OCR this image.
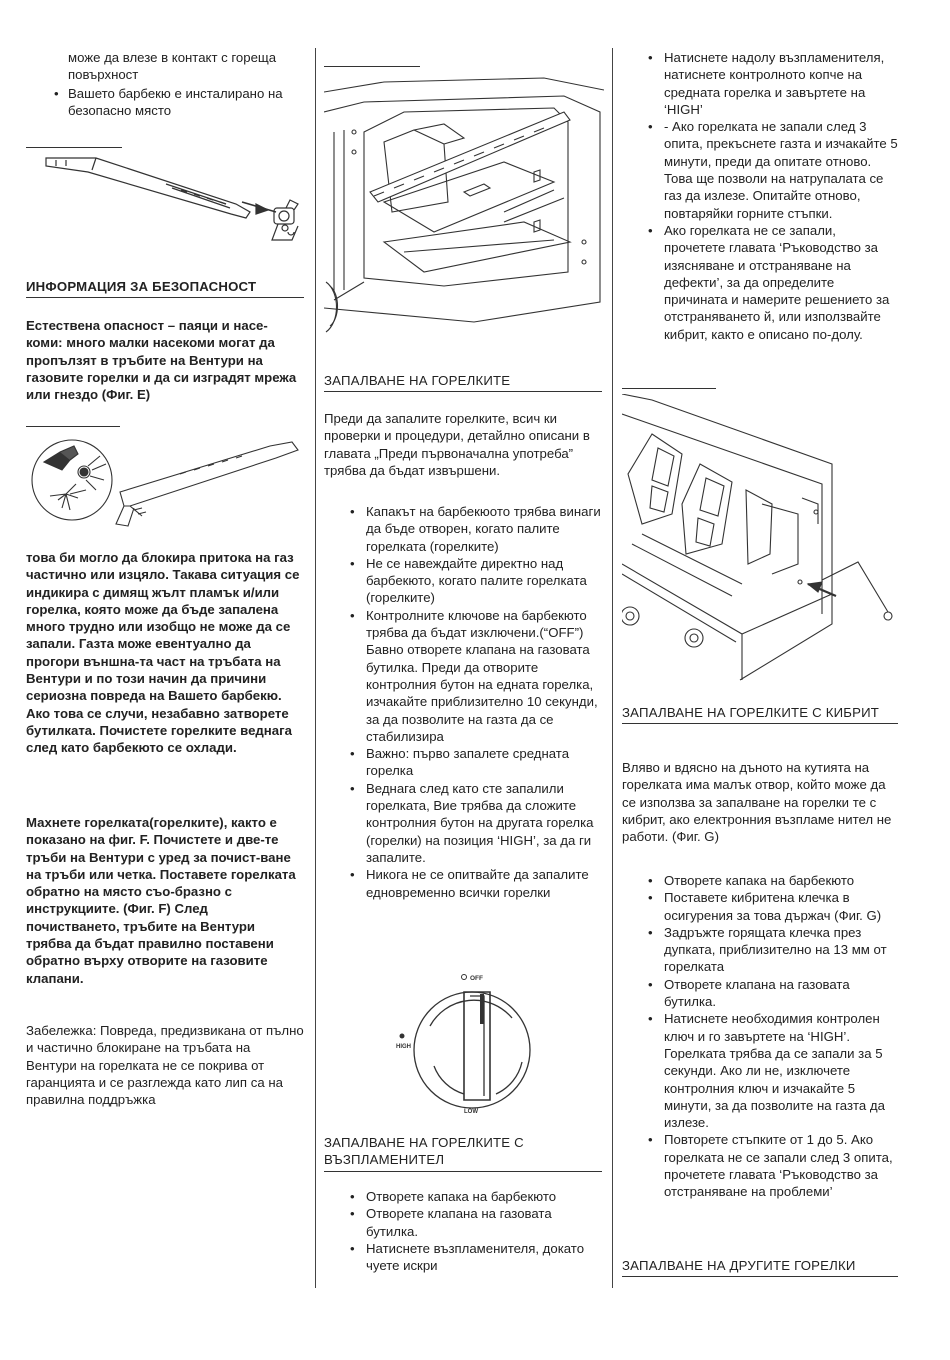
може да влезе в контакт с гореща повърхност
• Вашето барбекю е инсталирано на безопасно място
ИНФОРМАЦИЯ ЗА БЕЗОПАСНОСТ

Естествена опасност – паяци и насе-коми: много малки насекоми могат да пропълзят в тръбите на Вентури на газовите горелки и да си изградят мрежа или гнездо (Фиг. E)

това би могло да блокира притока на газ частично или изцяло. Такава ситуация се индикира с димящ жълт пламък и/или горелка, която може да бъде запалена много трудно или изобщо не може да се запали. Газта може евентуално да прогори външна-та част на тръбата на Вентури и по този начин да причини сериозна повреда на Вашето барбекю. Ако това се случи, незабавно затворете бутилката. Почистете горелките веднага след като барбекюто се охлади.

Махнете горелката(горелките), както е показано на фиг. F. Почистете и две-те тръби на Вентури с уред за почист-ване на тръби или четка. Поставете горелката обратно на място съо-бразно с инструкциите. (Фиг. F) След почистването, тръбите на Вентури трябва да бъдат правилно поставени обратно върху отворите на газовите клапани.

Забележка: Повреда, предизвикана от пълно и частично блокиране на тръбата на Вентури на горелката не се покрива от гаранцията и се разглежда като лип са на правилна поддръжка

ЗАПАЛВАНЕ НА ГОРЕЛКИТЕ

Преди да запалите горелките, всич ки проверки и процедури, детайлно описани в главата „Преди първоначална употреба” трябва да бъдат извършени.

• Капакът на барбекюото трябва винаги да бъде отворен, когато палите горелката (горелките)
• Не се навеждайте директно над барбекюто, когато палите горелката (горелките)
• Контролните ключове на барбекюто трябва да бъдат изключени.(“OFF”) Бавно отворете клапана на газовата бутилка. Преди да отворите контролния бутон на едната горелка, изчакайте приблизително 10 секунди, за да позволите на газта да се стабилизира
• Важно: първо запалете средната горелка
• Веднага след като сте запалили горелката, Вие трябва да сложите контролния бутон на другата горелка (горелки) на позиция ‘HIGH’, за да ги запалите.
• Никога не се опитвайте да запалите едновременно всички горелки
OFF
HIGH
LOW
ЗАПАЛВАНЕ НА ГОРЕЛКИТЕ С ВЪЗПЛАМЕНИТЕЛ
• Отворете капака на барбекюто
• Отворете клапана на газовата бутилка.
• Натиснете възпламенителя, докато чуете искри
• Натиснете надолу възпламенителя, натиснете контролното копче на средната горелка и завъртете на ‘HIGH’
• - Ако горелката не запали след 3 опита, прекъснете газта и изчакайте 5 минути, преди да опитате отново. Това ще позволи на натрупалата се газ да излезе. Опитайте отново, повтаряйки горните стъпки.
• Ако горелката не се запали, прочетете главата ‘Ръководство за изясняване и отстраняване на дефекти’, за да определите причината и намерите решението за отстраняването й, или използвайте кибрит, както е описано по-долу.
ЗАПАЛВАНЕ НА ГОРЕЛКИТЕ С КИБРИТ

Вляво и вдясно на дъното на кутията на горелката има малък отвор, който може да се използва за запалване на горелки те с кибрит, ако електронния възпламе нител не работи. (Фиг. G)

• Отворете капака на барбекюто
• Поставете кибритена клечка в осигурения за това държач (Фиг. G)
• Задръжте горящата клечка през дупката, приблизително на 13 мм от горелката
• Отворете клапана на газовата бутилка.
• Натиснете необходимия контролен ключ и го завъртете на ‘HIGH’. Горелката трябва да се запали за 5 секунди. Ако ли не, изключете контролния ключ и изчакайте 5 минути, за да позволите на газта да излезе.
• Повторете стъпките от 1 до 5. Ако горелката не се запали след 3 опита, прочетете главата ‘Ръководство за отстраняване на проблеми’
ЗАПАЛВАНЕ НА ДРУГИТЕ ГОРЕЛКИ
